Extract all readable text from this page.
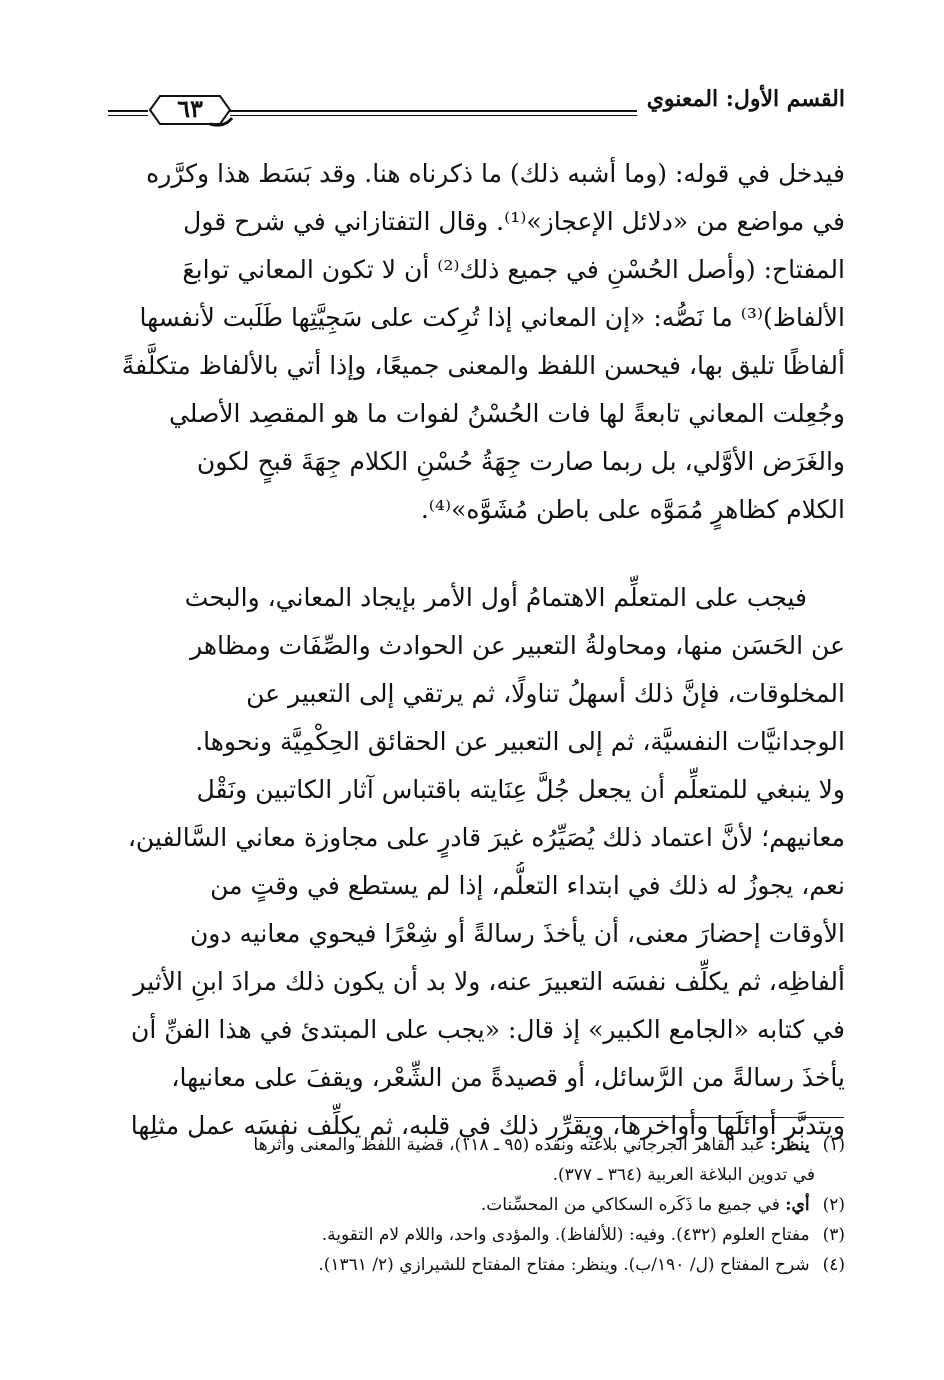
القسم الأول: المعنوي
٦٣
فيدخل في قوله: (وما أشبه ذلك) ما ذكرناه هنا. وقد بَسَط هذا وكرَّره
في مواضع من «دلائل الإعجاز»⁽¹⁾. وقال التفتازاني في شرح قول
المفتاح: (وأصل الحُسْنِ في جميع ذلك⁽²⁾ أن لا تكون المعاني توابعَ
الألفاظ)⁽³⁾ ما نَصُّه: «إن المعاني إذا تُرِكت على سَجِيَّتِها طَلَبت لأنفسها
ألفاظًا تليق بها، فيحسن اللفظ والمعنى جميعًا، وإذا أتي بالألفاظ متكلَّفةً
وجُعِلت المعاني تابعةً لها فات الحُسْنُ لفوات ما هو المقصِد الأصلي
والغَرَض الأوَّلي، بل ربما صارت جِهَةُ حُسْنِ الكلام جِهَةَ قبحٍ لكون
الكلام كظاهرٍ مُمَوَّه على باطن مُشَوَّه»⁽⁴⁾.
فيجب على المتعلِّم الاهتمامُ أول الأمر بإيجاد المعاني، والبحث
عن الحَسَن منها، ومحاولةُ التعبير عن الحوادث والصِّفَات ومظاهر
المخلوقات، فإنَّ ذلك أسهلُ تناولًا، ثم يرتقي إلى التعبير عن
الوجدانيَّات النفسيَّة، ثم إلى التعبير عن الحقائق الحِكْمِيَّة ونحوها.
ولا ينبغي للمتعلِّم أن يجعل جُلَّ عِنَايته باقتباس آثار الكاتبين ونَقْل
معانيهم؛ لأنَّ اعتماد ذلك يُصَيِّرُه غيرَ قادرٍ على مجاوزة معاني السَّالفين،
نعم، يجوزُ له ذلك في ابتداء التعلُّم، إذا لم يستطع في وقتٍ من
الأوقات إحضارَ معنى، أن يأخذَ رسالةً أو شِعْرًا فيحوي معانيه دون
ألفاظِه، ثم يكلِّف نفسَه التعبيرَ عنه، ولا بد أن يكون ذلك مرادَ ابنِ الأثير
في كتابه «الجامع الكبير» إذ قال: «يجب على المبتدئ في هذا الفنِّ أن
يأخذَ رسالةً من الرَّسائل، أو قصيدةً من الشِّعْر، ويقفَ على معانيها،
ويتدبَّر أوائلَها وأواخرها، ويقرِّر ذلك في قلبه، ثم يكلِّف نفسَه عمل مثلِها
(١) ينظر: عبد القاهر الجرجاني بلاغته ونقده (٩٥ ـ ١١٨)، قضية اللفظ والمعنى وأثرها
في تدوين البلاغة العربية (٣٦٤ ـ ٣٧٧).
(٢) أي: في جميع ما ذَكَره السكاكي من المحسِّنات.
(٣) مفتاح العلوم (٤٣٢). وفيه: (للألفاظ). والمؤدى واحد، واللام لام التقوية.
(٤) شرح المفتاح (ل/ ١٩٠/ب). وينظر: مفتاح المفتاح للشيرازي (٢/ ١٣٦١).
